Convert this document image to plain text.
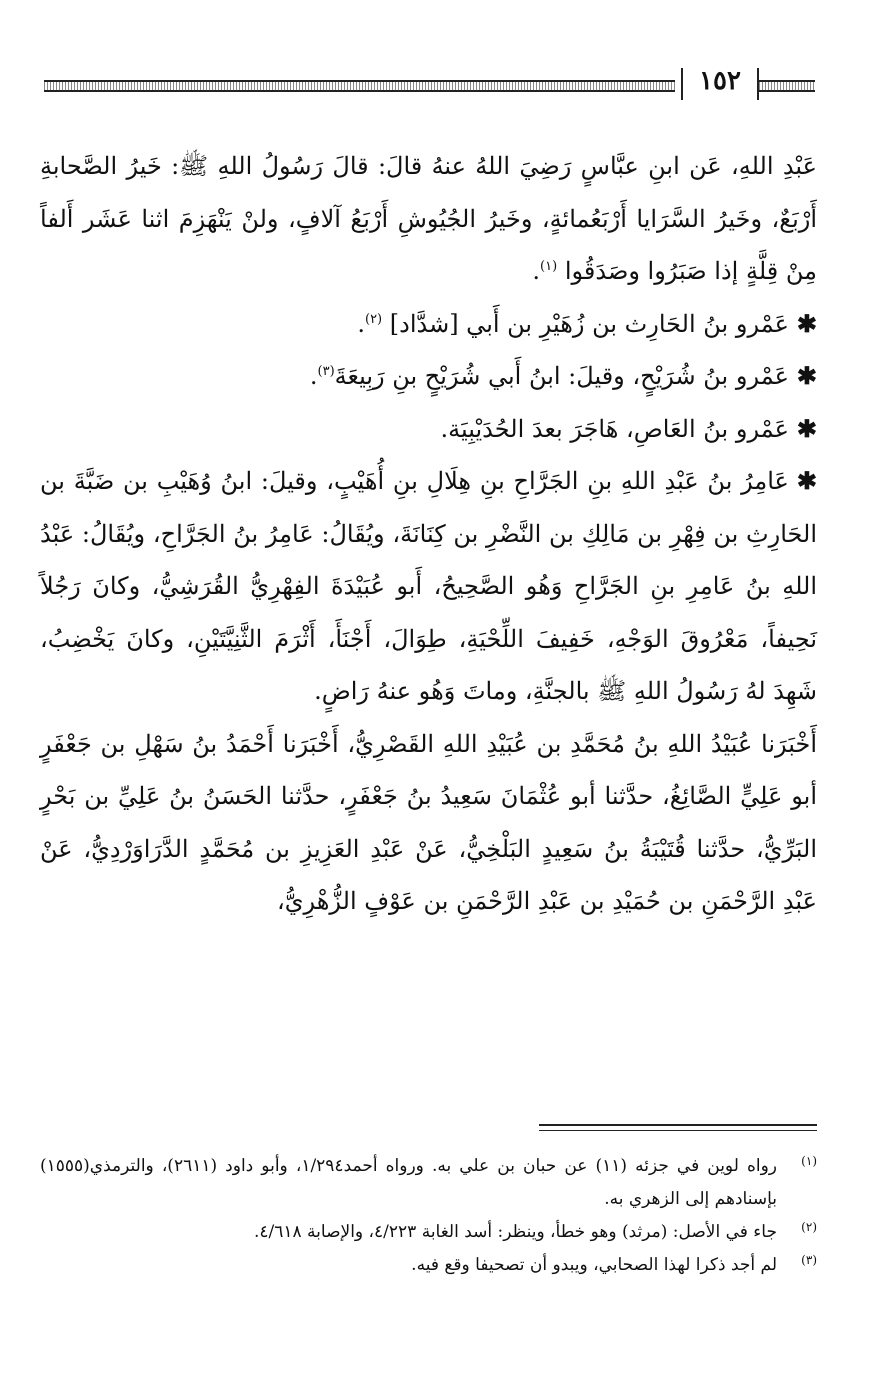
١٥٢

عَبْدِ اللهِ، عَن ابنِ عبَّاسٍ رَضِيَ اللهُ عنهُ قالَ: قالَ رَسُولُ اللهِ ﷺ: خَيرُ الصَّحابةِ أَرْبَعٌ، وخَيرُ السَّرَايا أَرْبَعُمائةٍ، وخَيرُ الجُيُوشِ أَرْبَعُ آلافٍ، ولنْ يَنْهَزِمَ اثنا عَشَر أَلفاً مِنْ قِلَّةٍ إذا صَبَرُوا وصَدَقُوا $^{(١)}$.

✱عَمْرو بنُ الحَارِث بن زُهَيْرِ بن أَبي [شدَّاد] $^{(٢)}$.

✱عَمْرو بنُ شُرَيْحٍ، وقيلَ: ابنُ أَبي شُرَيْحٍ بنِ رَبِيعَةَ$^{(٣)}$.

✱عَمْرو بنُ العَاصِ، هَاجَرَ بعدَ الحُدَيْبِيَة.

✱عَامِرُ بنُ عَبْدِ اللهِ بنِ الجَرَّاحِ بنِ هِلَالِ بنِ أُهَيْبٍ، وقيلَ: ابنُ وُهَيْبِ بن ضَبَّةَ بن الحَارِثِ بن فِهْرِ بن مَالِكِ بن النَّضْرِ بن كِنَانَةَ، ويُقَالُ: عَامِرُ بنُ الجَرَّاحِ، ويُقَالُ: عَبْدُ اللهِ بنُ عَامِرِ بنِ الجَرَّاحِ وَهُو الصَّحِيحُ، أَبو عُبَيْدَةَ الفِهْرِيُّ القُرَشِيُّ، وكانَ رَجُلاً نَحِيفاً، مَعْرُوقَ الوَجْهِ، خَفِيفَ اللِّحْيَةِ، طِوَالَ، أَجْنَأَ، أَثْرَمَ الثَّنِيَّتَيْنِ، وكانَ يَخْضِبُ، شَهِدَ لهُ رَسُولُ اللهِ ﷺ بالجنَّةِ، وماتَ وَهُو عنهُ رَاضٍ.

أَخْبَرَنا عُبَيْدُ اللهِ بنُ مُحَمَّدِ بن عُبَيْدِ اللهِ القَصْرِيُّ، أَخْبَرَنا أَحْمَدُ بنُ سَهْلِ بن جَعْفَرٍ أبو عَلِيٍّ الصَّائِغُ، حدَّثنا أبو عُثْمَانَ سَعِيدُ بنُ جَعْفَرٍ، حدَّثنا الحَسَنُ بنُ عَلِيِّ بن بَحْرٍ البَرِّيُّ، حدَّثنا قُتَيْبَةُ بنُ سَعِيدٍ البَلْخِيُّ، عَنْ عَبْدِ العَزِيزِ بن مُحَمَّدٍ الدَّرَاوَرْدِيُّ، عَنْ عَبْدِ الرَّحْمَنِ بن حُمَيْدِ بن عَبْدِ الرَّحْمَنِ بن عَوْفٍ الزُّهْرِيُّ،

(١)
رواه لوين في جزئه (١١) عن حبان بن علي به. ورواه أحمد١/٢٩٤، وأبو داود (٢٦١١)، والترمذي(١٥٥٥) بإسنادهم إلى الزهري به.
(٢)
جاء في الأصل: (مرثد) وهو خطأ، وينظر: أسد الغابة ٤/٢٢٣، والإصابة ٤/٦١٨.
(٣)
لم أجد ذكرا لهذا الصحابي، ويبدو أن تصحيفا وقع فيه.
